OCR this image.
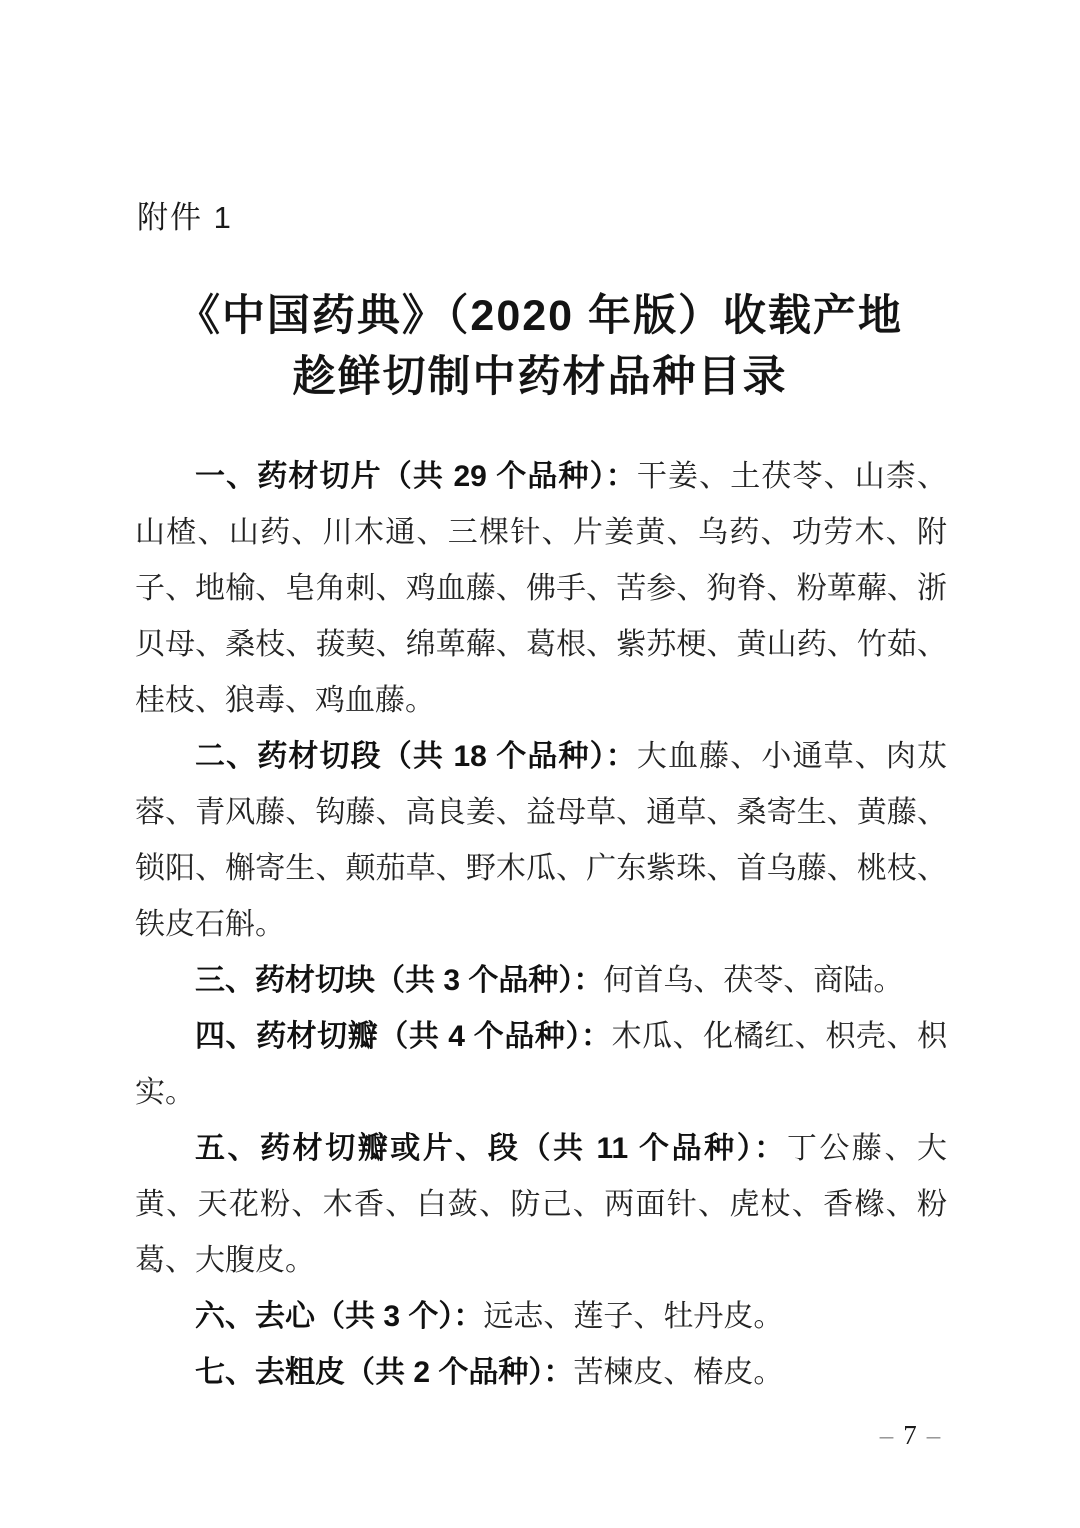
附件 1
《中国药典》（2020 年版）收载产地
趁鲜切制中药材品种目录

一、药材切片（共 29 个品种）：干姜、土茯苓、山柰、山楂、山药、川木通、三棵针、片姜黄、乌药、功劳木、附子、地榆、皂角刺、鸡血藤、佛手、苦参、狗脊、粉萆薢、浙贝母、桑枝、菝葜、绵萆薢、葛根、紫苏梗、黄山药、竹茹、桂枝、狼毒、鸡血藤。

二、药材切段（共 18 个品种）：大血藤、小通草、肉苁蓉、青风藤、钩藤、高良姜、益母草、通草、桑寄生、黄藤、锁阳、槲寄生、颠茄草、野木瓜、广东紫珠、首乌藤、桃枝、铁皮石斛。

三、药材切块（共 3 个品种）：何首乌、茯苓、商陆。

四、药材切瓣（共 4 个品种）：木瓜、化橘红、枳壳、枳实。

五、药材切瓣或片、段（共 11 个品种）：丁公藤、大黄、天花粉、木香、白蔹、防己、两面针、虎杖、香橼、粉葛、大腹皮。

六、去心（共 3 个）：远志、莲子、牡丹皮。

七、去粗皮（共 2 个品种）：苦楝皮、椿皮。

– 7 –
